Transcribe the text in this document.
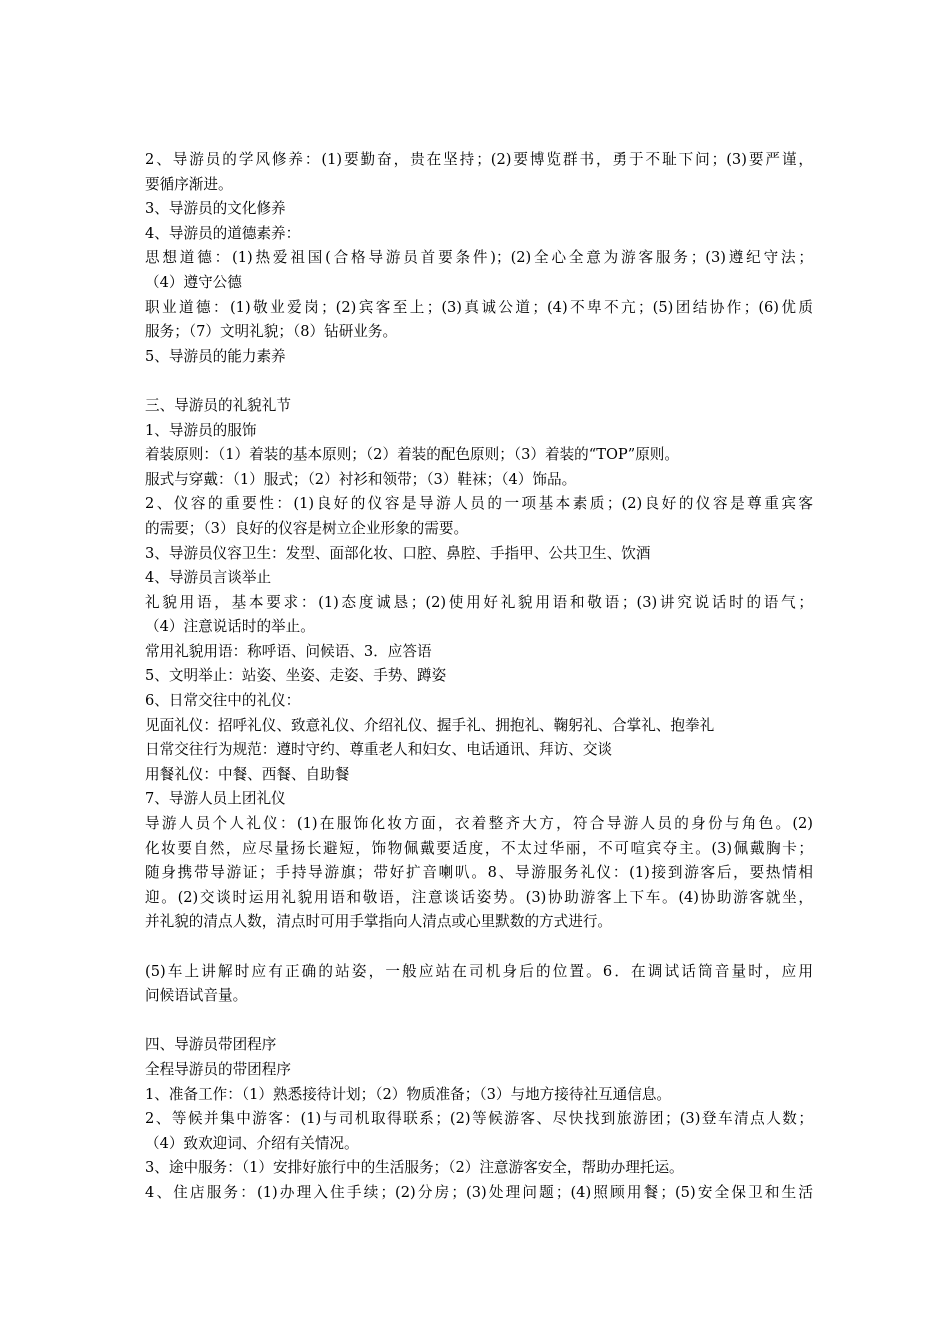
2、导游员的学风修养：(1)要勤奋，贵在坚持；(2)要博览群书，勇于不耻下问；(3)要严谨，
要循序渐进。
3、导游员的文化修养
4、导游员的道德素养：
思想道德：(1)热爱祖国(合格导游员首要条件)；(2)全心全意为游客服务；(3)遵纪守法；
（4）遵守公德
职业道德：(1)敬业爱岗；(2)宾客至上；(3)真诚公道；(4)不卑不亢；(5)团结协作；(6)优质
服务；（7）文明礼貌；（8）钻研业务。
5、导游员的能力素养
三、导游员的礼貌礼节
1、导游员的服饰
着装原则：（1）着装的基本原则；（2）着装的配色原则；（3）着装的“TOP”原则。
服式与穿戴：（1）服式；（2）衬衫和领带；（3）鞋袜；（4）饰品。
2、仪容的重要性：(1)良好的仪容是导游人员的一项基本素质；(2)良好的仪容是尊重宾客
的需要；（3）良好的仪容是树立企业形象的需要。
3、导游员仪容卫生：发型、面部化妆、口腔、鼻腔、手指甲、公共卫生、饮酒
4、导游员言谈举止
礼貌用语，基本要求：(1)态度诚恳；(2)使用好礼貌用语和敬语；(3)讲究说话时的语气；
（4）注意说话时的举止。
常用礼貌用语：称呼语、问候语、3．应答语
5、文明举止：站姿、坐姿、走姿、手势、蹲姿
6、日常交往中的礼仪：
见面礼仪：招呼礼仪、致意礼仪、介绍礼仪、握手礼、拥抱礼、鞠躬礼、合掌礼、抱拳礼
日常交往行为规范：遵时守约、尊重老人和妇女、电话通讯、拜访、交谈
用餐礼仪：中餐、西餐、自助餐
7、导游人员上团礼仪
导游人员个人礼仪：(1)在服饰化妆方面，衣着整齐大方，符合导游人员的身份与角色。(2)
化妆要自然，应尽量扬长避短，饰物佩戴要适度，不太过华丽，不可喧宾夺主。(3)佩戴胸卡；
随身携带导游证；手持导游旗；带好扩音喇叭。8、导游服务礼仪：(1)接到游客后，要热情相
迎。(2)交谈时运用礼貌用语和敬语，注意谈话姿势。(3)协助游客上下车。(4)协助游客就坐，
并礼貌的清点人数，清点时可用手掌指向人清点或心里默数的方式进行。
(5)车上讲解时应有正确的站姿，一般应站在司机身后的位置。6．在调试话筒音量时，应用
问候语试音量。
四、导游员带团程序
全程导游员的带团程序
1、准备工作：（1）熟悉接待计划；（2）物质准备；（3）与地方接待社互通信息。
2、等候并集中游客：(1)与司机取得联系；(2)等候游客、尽快找到旅游团；(3)登车清点人数；
（4）致欢迎词、介绍有关情况。
3、途中服务：（1）安排好旅行中的生活服务；（2）注意游客安全，帮助办理托运。
4、住店服务：(1)办理入住手续；(2)分房；(3)处理问题；(4)照顾用餐；(5)安全保卫和生活
